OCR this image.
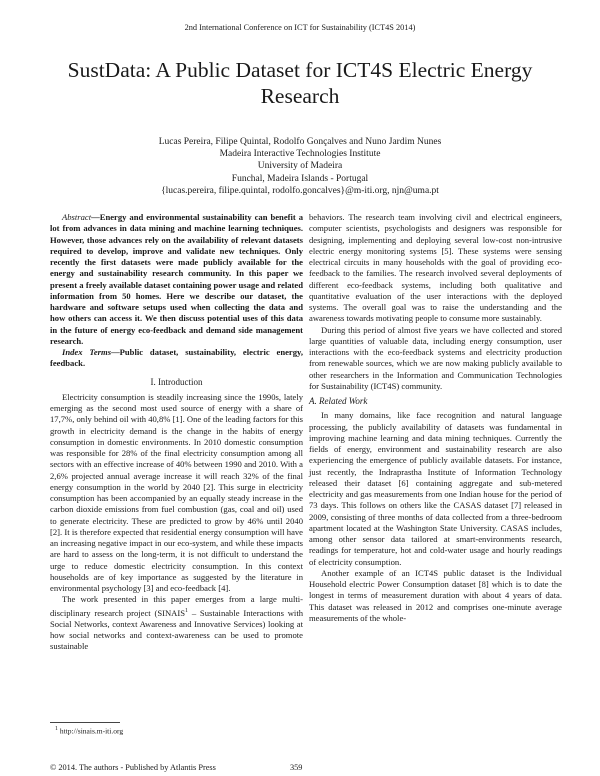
2nd International Conference on ICT for Sustainability (ICT4S 2014)
SustData: A Public Dataset for ICT4S Electric Energy Research
Lucas Pereira, Filipe Quintal, Rodolfo Gonçalves and Nuno Jardim Nunes
Madeira Interactive Technologies Institute
University of Madeira
Funchal, Madeira Islands - Portugal
{lucas.pereira, filipe.quintal, rodolfo.goncalves}@m-iti.org, njn@uma.pt

Abstract—Energy and environmental sustainability can benefit a lot from advances in data mining and machine learning techniques. However, those advances rely on the availability of relevant datasets required to develop, improve and validate new techniques. Only recently the first datasets were made publicly available for the energy and sustainability research community. In this paper we present a freely available dataset containing power usage and related information from 50 homes. Here we describe our dataset, the hardware and software setups used when collecting the data and how others can access it. We then discuss potential uses of this data in the future of energy eco-feedback and demand side management research.

Index Terms—Public dataset, sustainability, electric energy, feedback.

I. Introduction

Electricity consumption is steadily increasing since the 1990s, lately emerging as the second most used source of energy with a share of 17,7%, only behind oil with 40,8% [1]. One of the leading factors for this growth in electricity demand is the change in the habits of energy consumption in domestic environments. In 2010 domestic consumption was responsible for 28% of the final electricity consumption among all sectors with an effective increase of 40% between 1990 and 2010. With a 2,6% projected annual average increase it will reach 32% of the final energy consumption in the world by 2040 [2]. This surge in electricity consumption has been accompanied by an equally steady increase in the carbon dioxide emissions from fuel combustion (gas, coal and oil) used to generate electricity. These are predicted to grow by 46% until 2040 [2]. It is therefore expected that residential energy consumption will have an increasing negative impact in our eco-system, and while these impacts are hard to assess on the long-term, it is not difficult to understand the urge to reduce domestic electricity consumption. In this context households are of key importance as suggested by the literature in environmental psychology [3] and eco-feedback [4].

The work presented in this paper emerges from a large multi-disciplinary research project (SINAIS$^1$ – Sustainable Interactions with Social Networks, context Awareness and Innovative Services) looking at how social networks and context-awareness can be used to promote sustainable

behaviors. The research team involving civil and electrical engineers, computer scientists, psychologists and designers was responsible for designing, implementing and deploying several low-cost non-intrusive electric energy monitoring systems [5]. These systems were sensing electrical circuits in many households with the goal of providing eco-feedback to the families. The research involved several deployments of different eco-feedback systems, including both qualitative and quantitative evaluation of the user interactions with the deployed systems. The overall goal was to raise the understanding and the awareness towards motivating people to consume more sustainably.

During this period of almost five years we have collected and stored large quantities of valuable data, including energy consumption, user interactions with the eco-feedback systems and electricity production from renewable sources, which we are now making publicly available to other researchers in the Information and Communication Technologies for Sustainability (ICT4S) community.

A. Related Work

In many domains, like face recognition and natural language processing, the publicly availability of datasets was fundamental in improving machine learning and data mining techniques. Currently the fields of energy, environment and sustainability research are also experiencing the emergence of publicly available datasets. For instance, just recently, the Indraprastha Institute of Information Technology released their dataset [6] containing aggregate and sub-metered electricity and gas measurements from one Indian house for the period of 73 days. This follows on others like the CASAS dataset [7] released in 2009, consisting of three months of data collected from a three-bedroom apartment located at the Washington State University. CASAS includes, among other sensor data tailored at smart-environments research, readings for temperature, hot and cold-water usage and hourly readings of electricity consumption.

Another example of an ICT4S public dataset is the Individual Household electric Power Consumption dataset [8] which is to date the longest in terms of measurement duration with about 4 years of data. This dataset was released in 2012 and comprises one-minute average measurements of the whole-

$^1$ http://sinais.m-iti.org
© 2014. The authors - Published by Atlantis Press	359
